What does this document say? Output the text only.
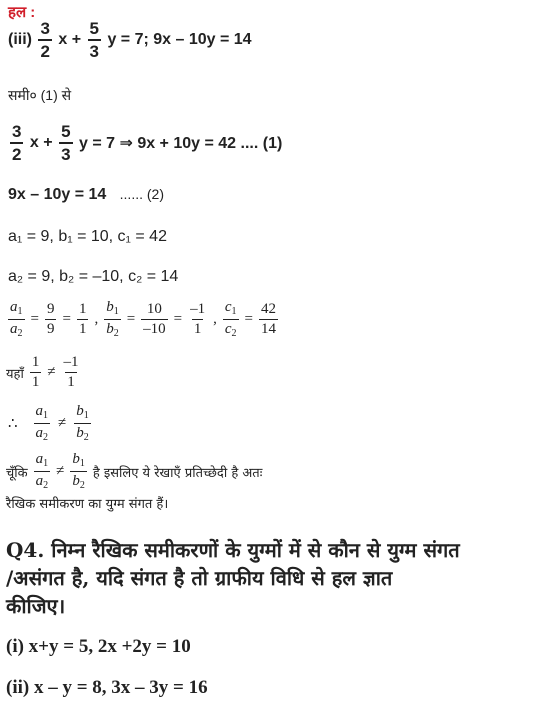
हल :
(iii)
$\frac{3}{2}$
x +
$\frac{5}{3}$
y = 7; 9x – 10y = 14
समी० (1) से
$\frac{3}{2}$
x +
$\frac{5}{3}$
y = 7 ⇒ 9x + 10y = 42 .... (1)
9x – 10y = 14 ...... (2)
a₁ = 9, b₁ = 10, c₁ = 42
a₂ = 9, b₂ = –10, c₂ = 14
$\frac{a_1}{a_2} = \frac{9}{9} = \frac{1}{1}$ , $\frac{b_1}{b_2} = \frac{10}{-10} = \frac{-1}{1}$ , $\frac{c_1}{c_2} = \frac{42}{14}$
यहाँ $\frac{1}{1} \ne \frac{-1}{1}$
∴ $\frac{a_1}{a_2} \ne \frac{b_1}{b_2}$
चूँकि $\frac{a_1}{a_2} \ne \frac{b_1}{b_2}$ है इसलिए ये रेखाएँ प्रतिच्छेदी है अतः
रैखिक समीकरण का युग्म संगत हैं।
Q4. निम्न रैखिक समीकरणों के युग्मों में से कौन से युग्म संगत
/असंगत है, यदि संगत है तो ग्राफीय विधि से हल ज्ञात
कीजिए।
(i) x+y = 5, 2x +2y = 10
(ii) x – y = 8, 3x – 3y = 16
